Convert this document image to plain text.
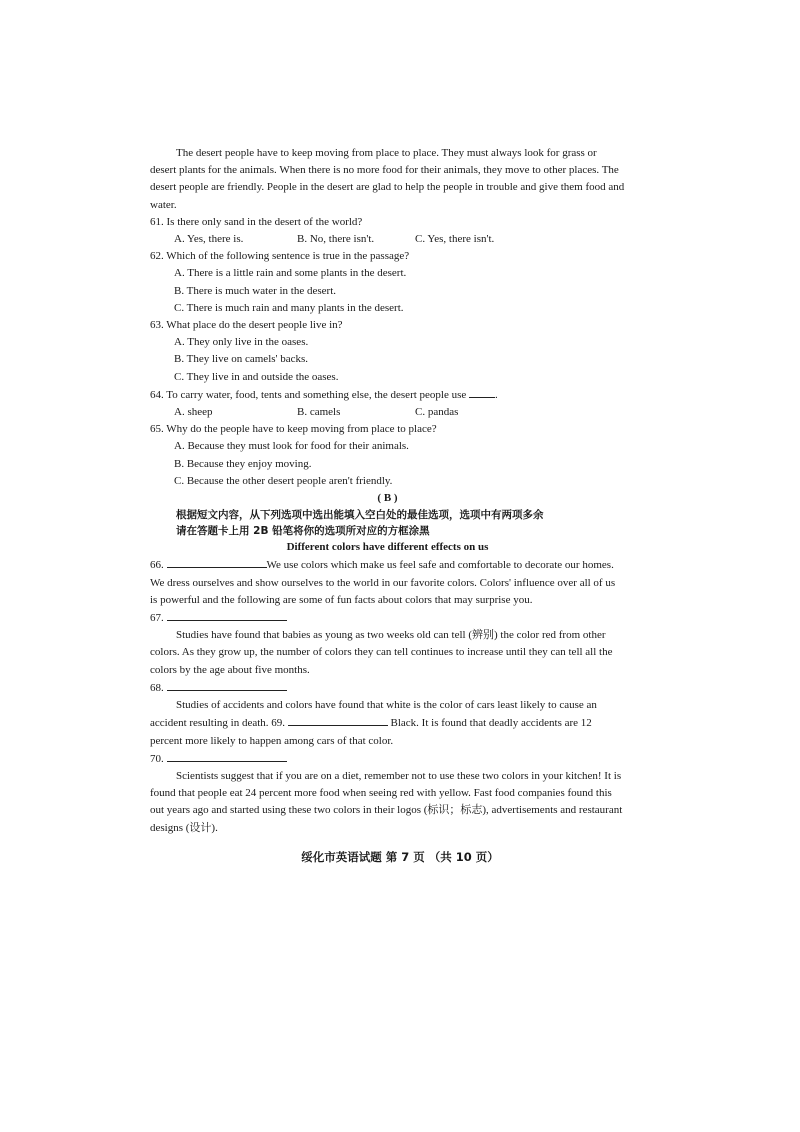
The desert people have to keep moving from place to place. They must always look for grass or desert plants for the animals. When there is no more food for their animals, they move to other places. The desert people are friendly. People in the desert are glad to help the people in trouble and give them food and water.

61. Is there only sand in the desert of the world?

A. Yes, there is.	B. No, there isn't.	C. Yes, there isn't.

62. Which of the following sentence is true in the passage?

A. There is a little rain and some plants in the desert.

B. There is much water in the desert.

C. There is much rain and many plants in the desert.

63. What place do the desert people live in?

A. They only live in the oases.

B. They live on camels' backs.

C. They live in and outside the oases.

64. To carry water, food, tents and something else, the desert people use	.

A. sheep	B. camels	C. pandas

65. Why do the people have to keep moving from place to place?

A. Because they must look for food for their animals.

B. Because they enjoy moving.

C. Because the other desert people aren't friendly.

( B )

根据短文内容，从下列选项中选出能填入空白处的最佳选项，选项中有两项多余

请在答题卡上用 2B 铅笔将你的选项所对应的方框涂黑

Different colors have different effects on us

66.	We use colors which make us feel safe and comfortable to decorate our homes. We dress ourselves and show ourselves to the world in our favorite colors. Colors' influence over all of us is powerful and the following are some of fun facts about colors that may surprise you.

67.

Studies have found that babies as young as two weeks old can tell (辨别) the color red from other colors. As they grow up, the number of colors they can tell continues to increase until they can tell all the colors by the age about five months.

68.

Studies of accidents and colors have found that white is the color of cars least likely to cause an accident resulting in death. 69.	Black. It is found that deadly accidents are 12 percent more likely to happen among cars of that color.

70.

Scientists suggest that if you are on a diet, remember not to use these two colors in your kitchen! It is found that people eat 24 percent more food when seeing red with yellow. Fast food companies found this out years ago and started using these two colors in their logos (标识；标志), advertisements and restaurant designs (设计).

绥化市英语试题 第 7 页 （共 10 页）
